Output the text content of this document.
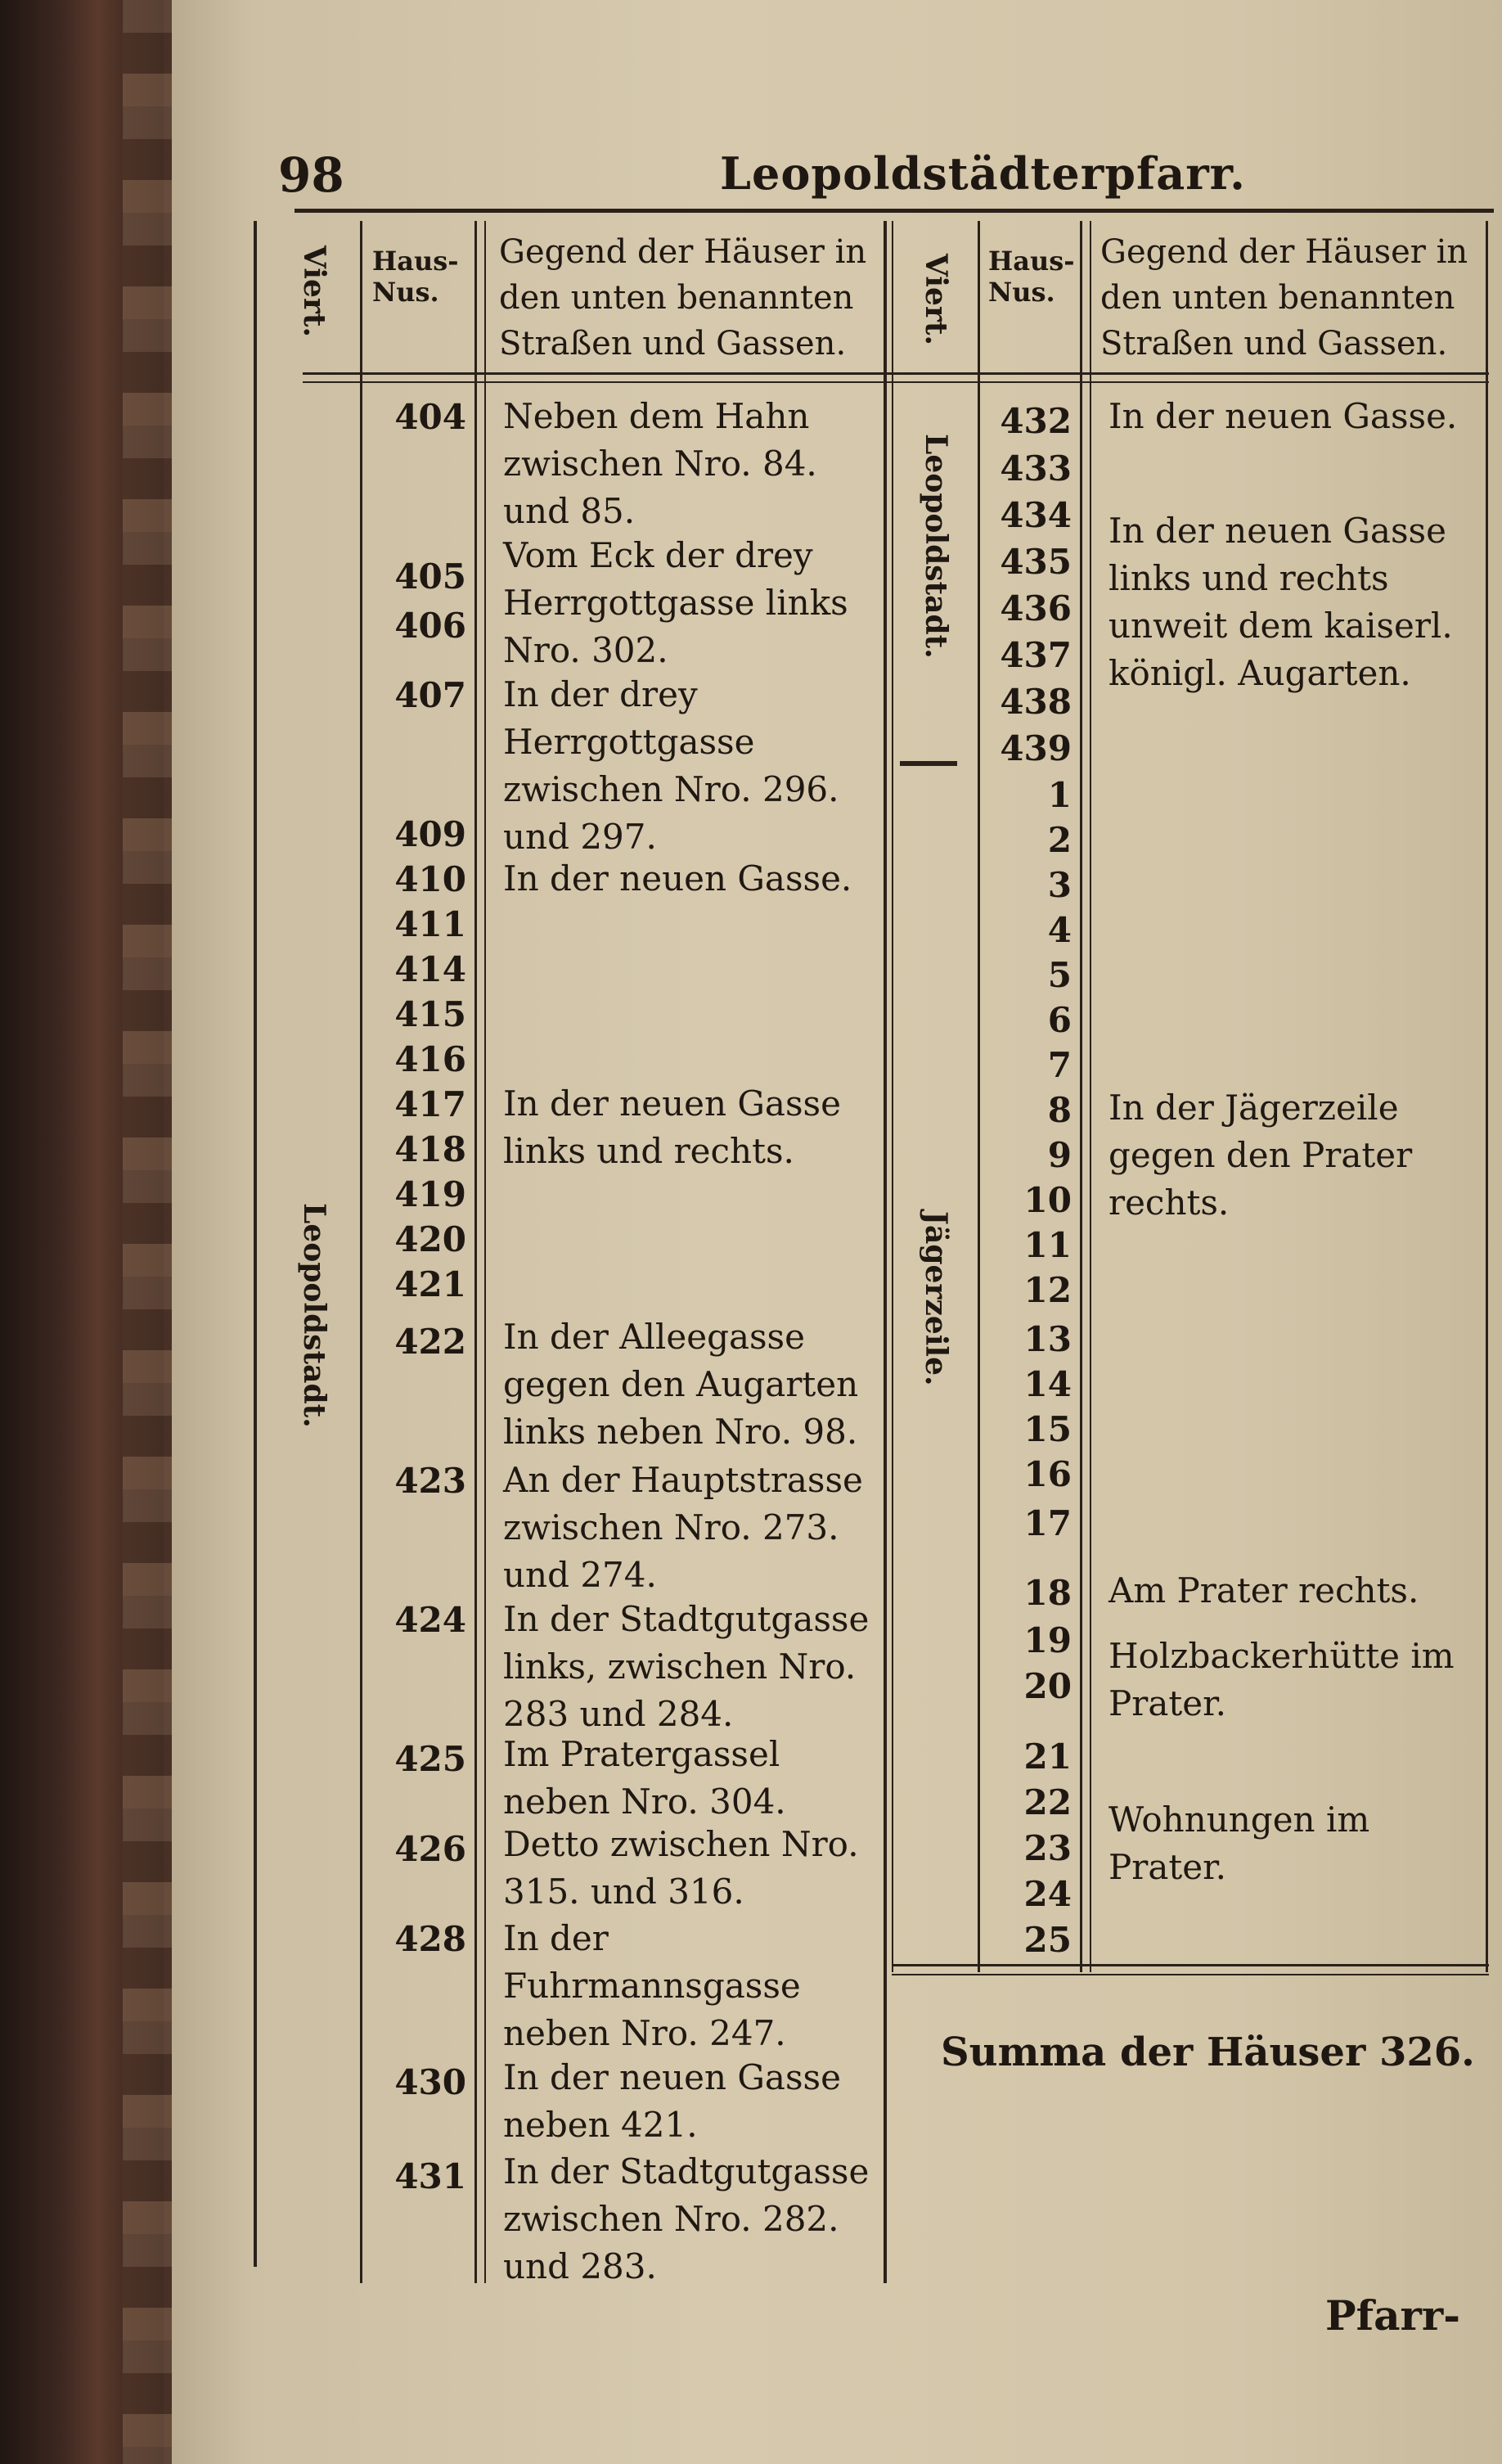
98	Leopoldstädterpfarr.
Viert. Haus-
Nus.
Gegend der Häuser in den unten benannten Straßen und Gassen.	Viert. Haus-
Nus.
Gegend der Häuser in den unten benannten Straßen und Gassen.
Leopoldstadt.
Leopoldstadt.
Jägerzeile.
404 Neben dem Hahn zwischen Nro. 84. und 85.
405
406
Vom Eck der drey Herrgottgasse links Nro. 302.
407 In der drey Herrgottgasse zwischen Nro. 296. und 297.
409
410 In der neuen Gasse.
411
414
415
416
417 In der neuen Gasse links und rechts.
418
419
420
421
422 In der Alleegasse gegen den Augarten links neben Nro. 98.
423 An der Hauptstrasse zwischen Nro. 273. und 274.
424 In der Stadtgutgasse links, zwischen Nro. 283 und 284.
425 Im Pratergassel neben Nro. 304.
426 Detto zwischen Nro. 315. und 316.
428 In der Fuhrmannsgasse neben Nro. 247.
430 In der neuen Gasse neben 421.
431 In der Stadtgutgasse zwischen Nro. 282. und 283.
432 In der neuen Gasse.
433
434 In der neuen Gasse links und rechts unweit dem kaiserl. königl. Augarten.
435
436
437
438
439
1
2
3
4
5
6
7
8 In der Jägerzeile gegen den Prater rechts.
9
10
11
12
13
14
15
16
17
18 Am Prater rechts.
19 Holzbackerhütte im Prater.
20
21
22 Wohnungen im Prater.
23
24
25
Summa der Häuser 326.
Pfarr-
